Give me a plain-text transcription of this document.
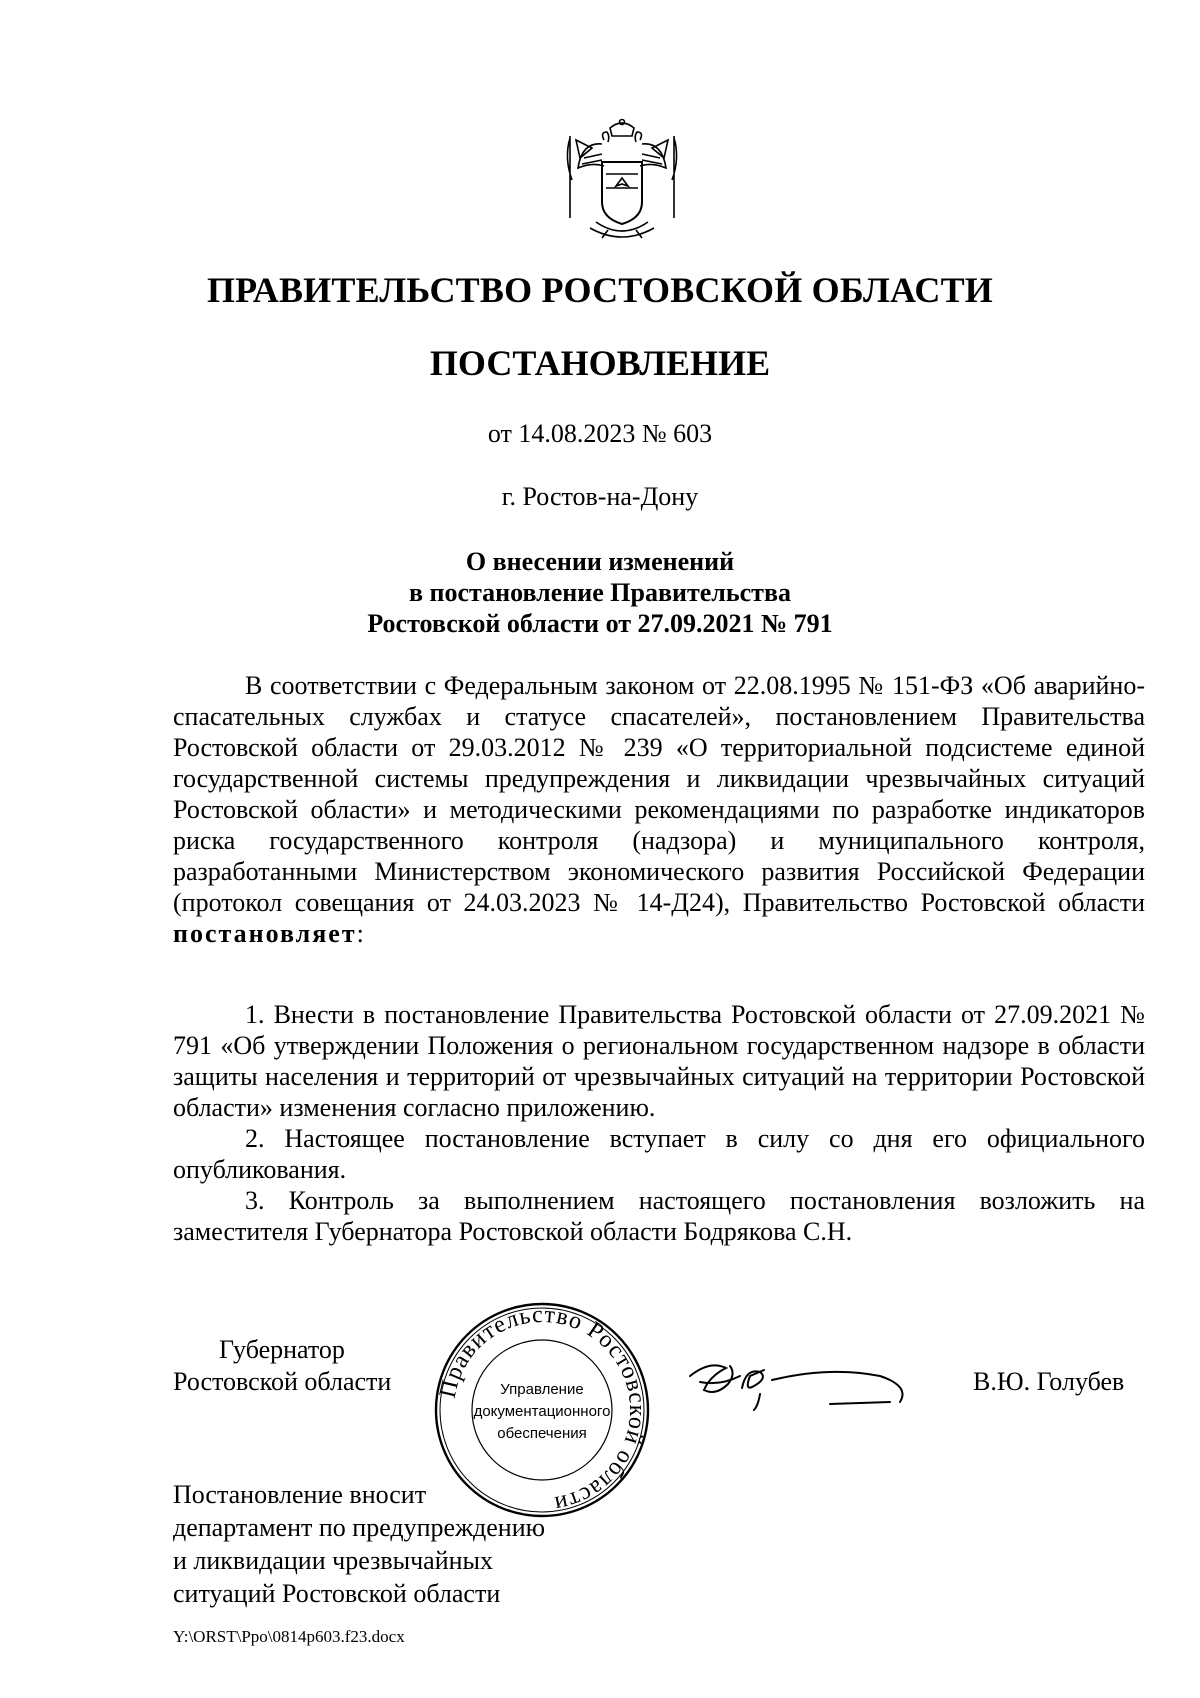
ПРАВИТЕЛЬСТВО РОСТОВСКОЙ ОБЛАСТИ
ПОСТАНОВЛЕНИЕ
от 14.08.2023 № 603
г. Ростов-на-Дону
О внесении изменений
в постановление Правительства
Ростовской области от 27.09.2021 № 791

В соответствии с Федеральным законом от 22.08.1995 № 151-ФЗ «Об аварийно-спасательных службах и статусе спасателей», постановлением Правительства Ростовской области от 29.03.2012 № 239 «О территориальной подсистеме единой государственной системы предупреждения и ликвидации чрезвычайных ситуаций Ростовской области» и методическими рекомендациями по разработке индикаторов риска государственного контроля (надзора) и муниципального контроля, разработанными Министерством экономического развития Российской Федерации (протокол совещания от 24.03.2023 № 14-Д24), Правительство Ростовской области постановляет:

1. Внести в постановление Правительства Ростовской области от 27.09.2021 № 791 «Об утверждении Положения о региональном государственном надзоре в области защиты населения и территорий от чрезвычайных ситуаций на территории Ростовской области» изменения согласно приложению.

2. Настоящее постановление вступает в силу со дня его официального опубликования.

3. Контроль за выполнением настоящего постановления возложить на заместителя Губернатора Ростовской области Бодрякова С.Н.

Губернатор
Ростовской области Правительство Ростовской области
Управление
документационного
обеспечения
В.Ю. Голубев
Постановление вносит
департамент по предупреждению
и ликвидации чрезвычайных
ситуаций Ростовской области
Y:\ORST\Ppo\0814p603.f23.docx
